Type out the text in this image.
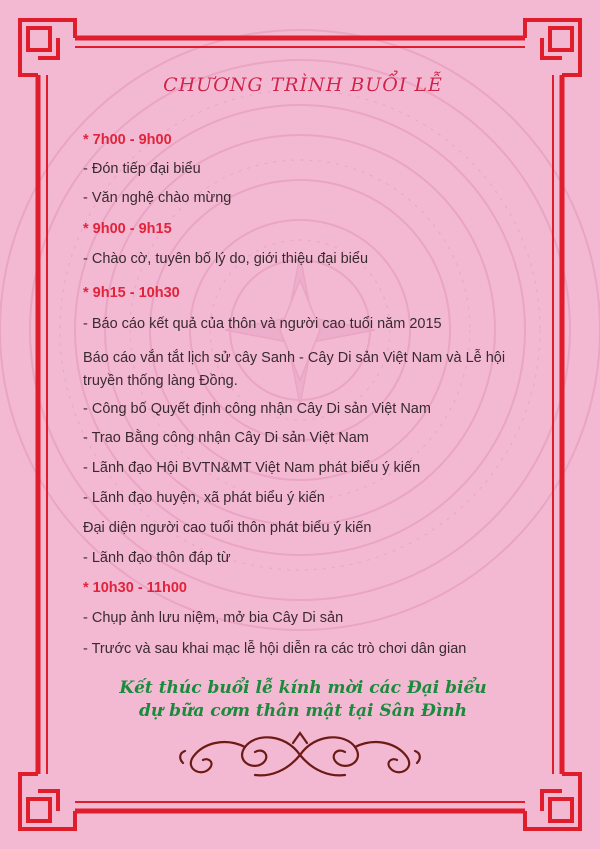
CHƯƠNG TRÌNH BUỔI LỄ
* 7h00 - 9h00
- Đón tiếp đại biểu
- Văn nghệ chào mừng
* 9h00 - 9h15
- Chào cờ, tuyên bố lý do, giới thiệu đại biểu
* 9h15 - 10h30
- Báo cáo kết quả của thôn và người cao tuổi năm 2015
Báo cáo vắn tắt lịch sử cây Sanh - Cây Di sản Việt Nam và Lễ hội truyền thống làng Đồng.
- Công bố Quyết định công nhận Cây Di sản Việt Nam
- Trao Bằng công nhận Cây Di sản Việt Nam
- Lãnh đạo Hội BVTN&MT Việt Nam phát biểu ý kiến
- Lãnh đạo huyện, xã phát biểu ý kiến
Đại diện người cao tuổi thôn phát biểu ý kiến
- Lãnh đạo thôn đáp từ
* 10h30 - 11h00
- Chụp ảnh lưu niệm, mở bia Cây Di sản
- Trước và sau khai mạc lễ hội diễn ra các trò chơi dân gian
Kết thúc buổi lễ kính mời các Đại biểu
dự bữa cơm thân mật tại Sân Đình
